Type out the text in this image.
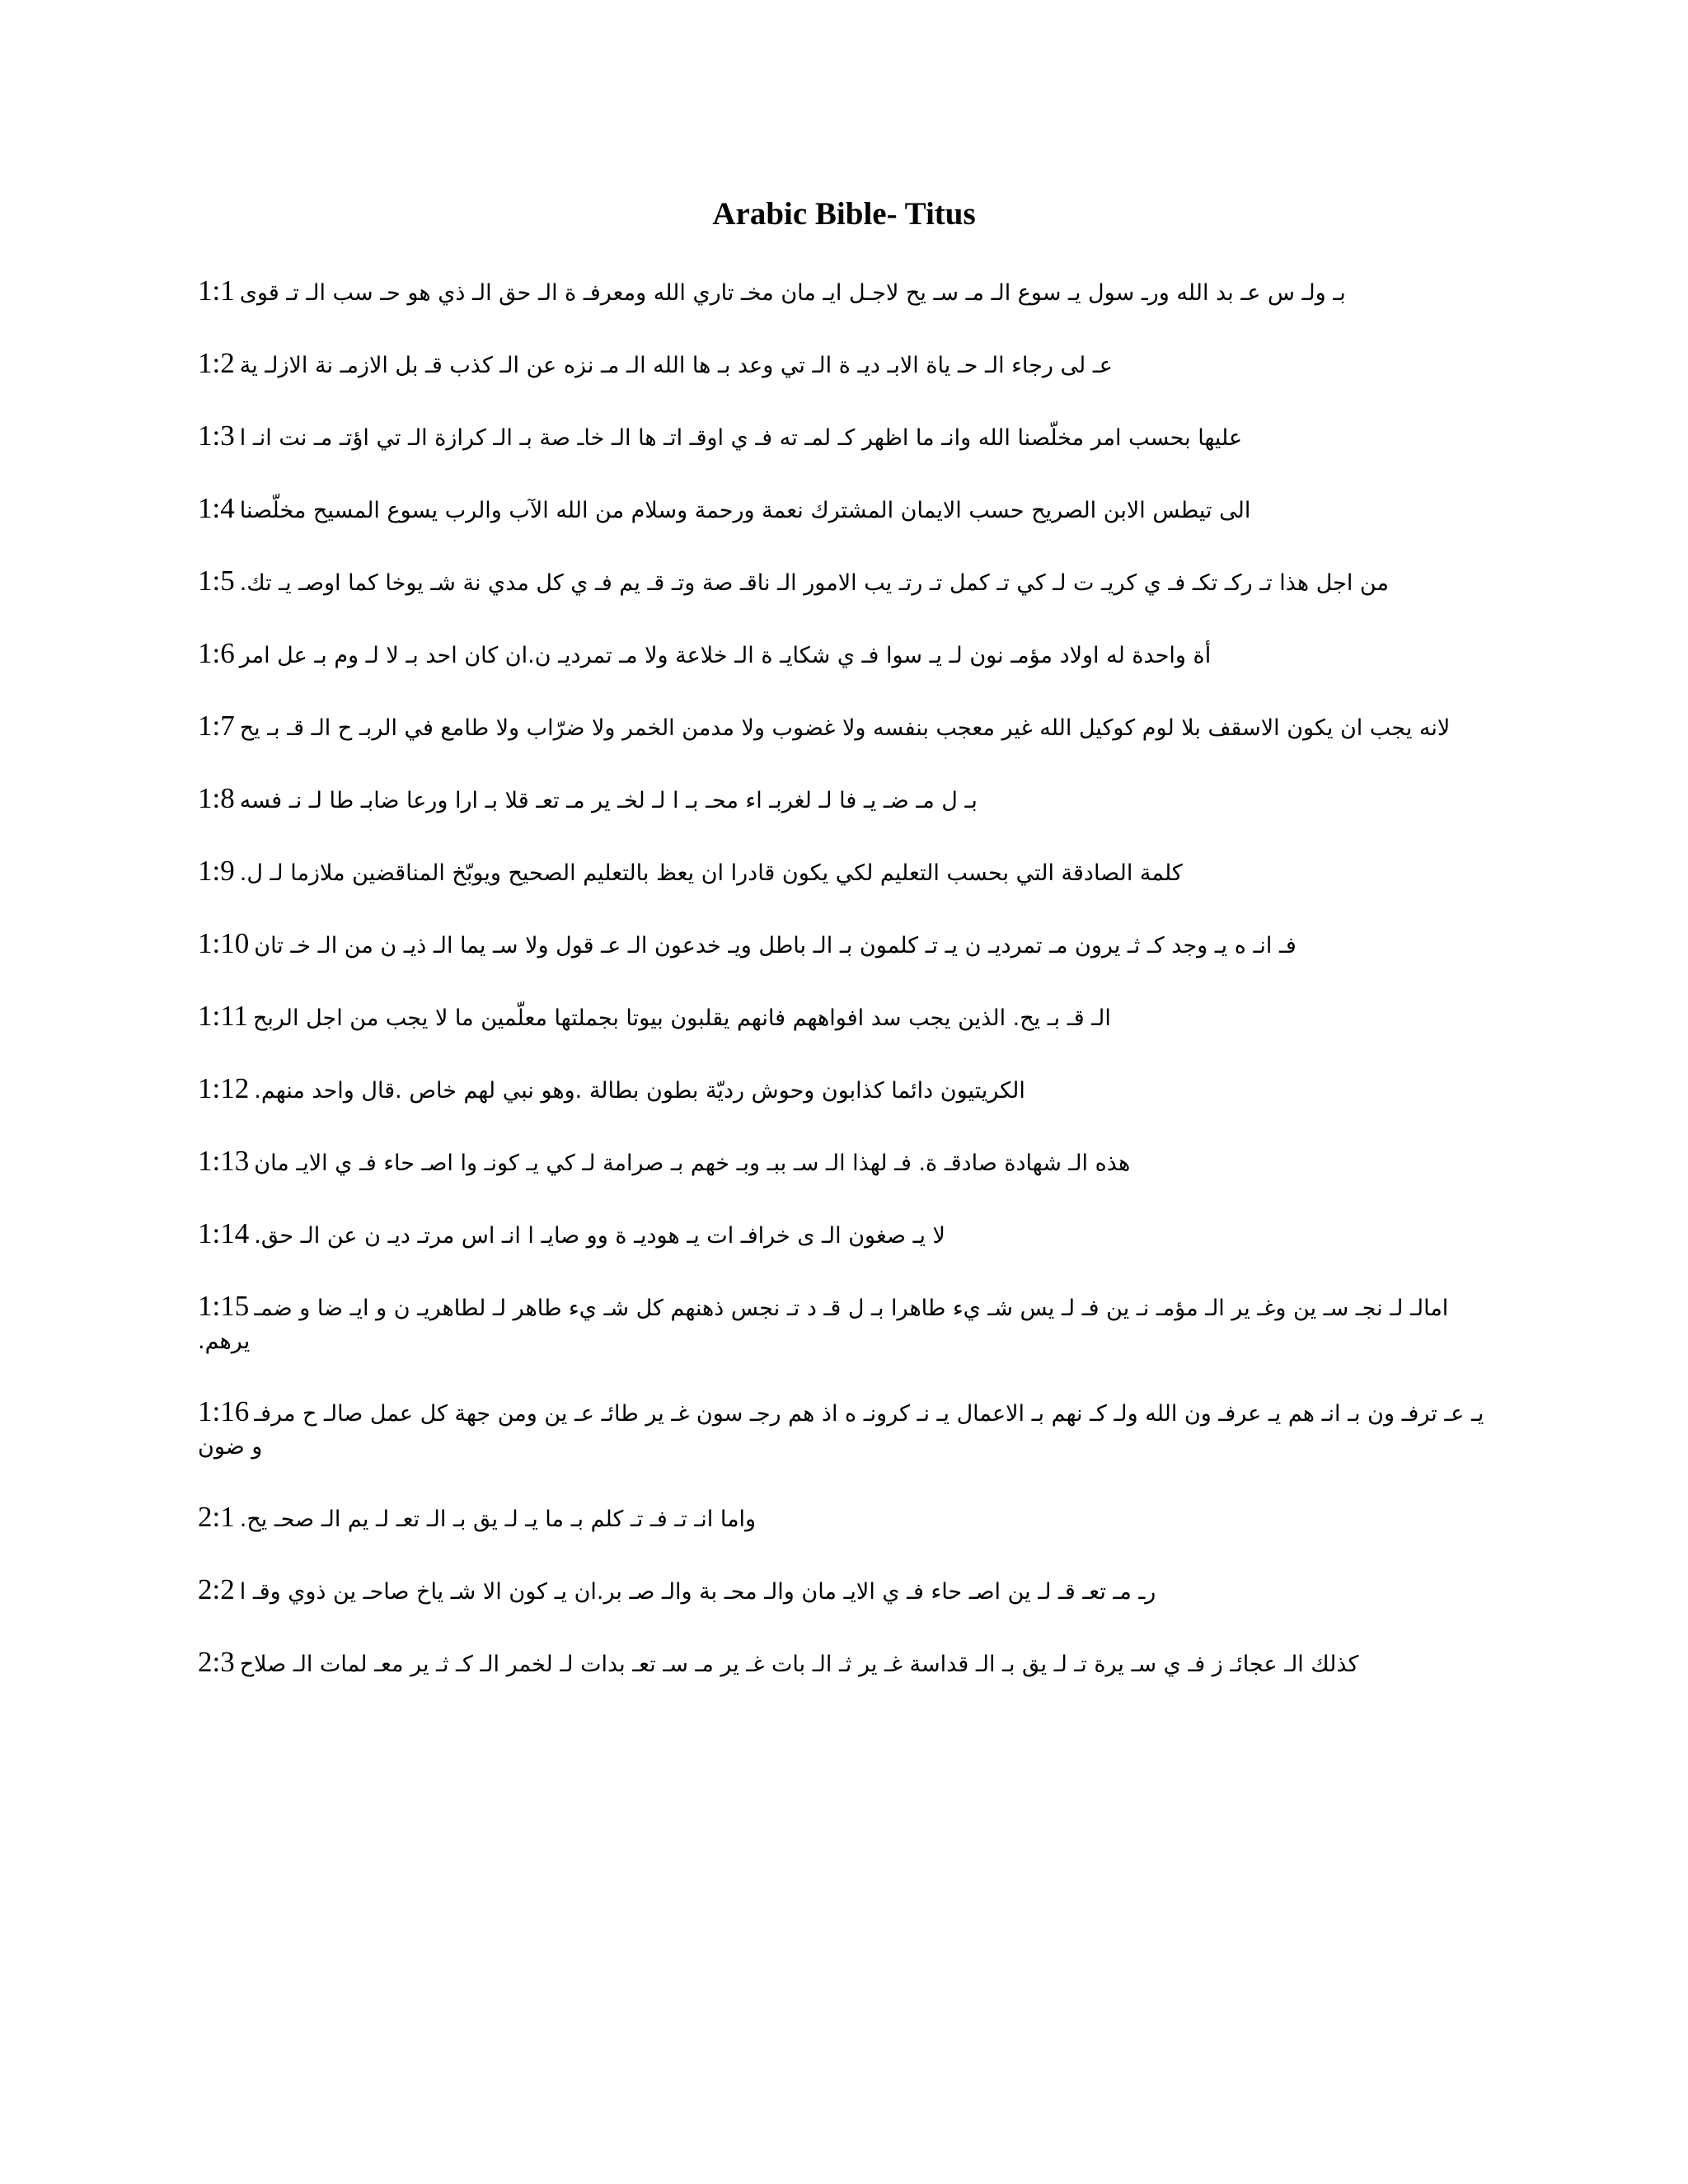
Arabic Bible- Titus

1:1 بـ ولـ س عـ بد الله ورـ سول يـ سوع الـ مـ سـ يح لاجـل ايـ مان مخـ تاري الله ومعرفـ ة الـ حق الـ ذي هو حـ سب الـ تـ قوى

1:2 عـ لى رجاء الـ حـ ياة الابـ ديـ ة الـ تي وعد بـ ها الله الـ مـ نزه عن الـ كذب قـ بل الازمـ نة الازلـ ية

1:3 عليها بحسب امر مخلّصنا الله وانـ ما اظهر كـ لمـ ته فـ ي اوقـ اتـ ها الـ خاـ صة بـ الـ كرازة الـ تي اؤتـ مـ نت انـ ا

1:4 الى تيطس الابن الصريح حسب الايمان المشترك نعمة ورحمة وسلام من الله الآب والرب يسوع المسيح مخلّصنا

1:5 من اجل هذا تـ ركـ تكـ فـ ي كريـ ت لـ كي تـ كمل تـ رتـ يب الامور الـ ناقـ صة وتـ قـ يم فـ ي كل مدي نة شـ يوخا كما اوصـ يـ تك.

1:6 أة واحدة له اولاد مؤمـ نون لـ يـ سوا فـ ي شكايـ ة الـ خلاعة ولا مـ تمرديـ ن.ان كان احد بـ لا لـ وم بـ عل امر

1:7 لانه يجب ان يكون الاسقف بلا لوم كوكيل الله غير معجب بنفسه ولا غضوب ولا مدمن الخمر ولا ضرّاب ولا طامع في الربـ ح الـ قـ بـ يح

1:8 بـ ل مـ ضـ يـ فا لـ لغربـ اء محـ بـ ا لـ لخـ ير مـ تعـ قلا بـ ارا ورعا ضابـ طا لـ نـ فسه

1:9 كلمة الصادقة التي بحسب التعليم لكي يكون قادرا ان يعظ بالتعليم الصحيح ويوبّخ المناقضين ملازما لـ ل.

1:10 فـ انـ ه يـ وجد كـ ثـ يرون مـ تمرديـ ن يـ تـ كلمون بـ الـ باطل ويـ خدعون الـ عـ قول ولا سـ يما الـ ذيـ ن من الـ خـ تان

1:11 الـ قـ بـ يح. الذين يجب سد افواههم فانهم يقلبون بيوتا بجملتها معلّمين ما لا يجب من اجل الربح

1:12 الكريتيون دائما كذابون وحوش رديّة بطون بطالة .وهو نبي لهم خاص .قال واحد منهم.

1:13 هذه الـ شهادة صادقـ ة. فـ لهذا الـ سـ ببـ وبـ خهم بـ صرامة لـ كي يـ كونـ وا اصـ حاء فـ ي الايـ مان

1:14 لا يـ صغون الـ ى خرافـ ات يـ هوديـ ة وو صايـ ا انـ اس مرتـ ديـ ن عن الـ حق.

1:15 امالـ لـ نجـ سـ ين وغـ ير الـ مؤمـ نـ ين فـ لـ يس شـ يء طاهرا بـ ل قـ د تـ نجس ذهنهم كل شـ يء طاهر لـ لطاهريـ ن و ايـ ضا و ضمـ يرهم.

1:16 يـ عـ ترفـ ون بـ انـ هم يـ عرفـ ون الله ولـ كـ نهم بـ الاعمال يـ نـ كرونـ ه اذ هم رجـ سون غـ ير طائـ عـ ين ومن جهة كل عمل صالـ ح مرفـ و ضون

2:1 واما انـ تـ فـ تـ كلم بـ ما يـ لـ يق بـ الـ تعـ لـ يم الـ صحـ يح.

2:2 رـ مـ تعـ قـ لـ ين اصـ حاء فـ ي الايـ مان والـ محـ بة والـ صـ بر.ان يـ كون الا شـ ياخ صاحـ ين ذوي وقـ ا

2:3 كذلك الـ عجائـ ز فـ ي سـ يرة تـ لـ يق بـ الـ قداسة غـ ير ثـ الـ بات غـ ير مـ سـ تعـ بدات لـ لخمر الـ كـ ثـ ير معـ لمات الـ صلاح
